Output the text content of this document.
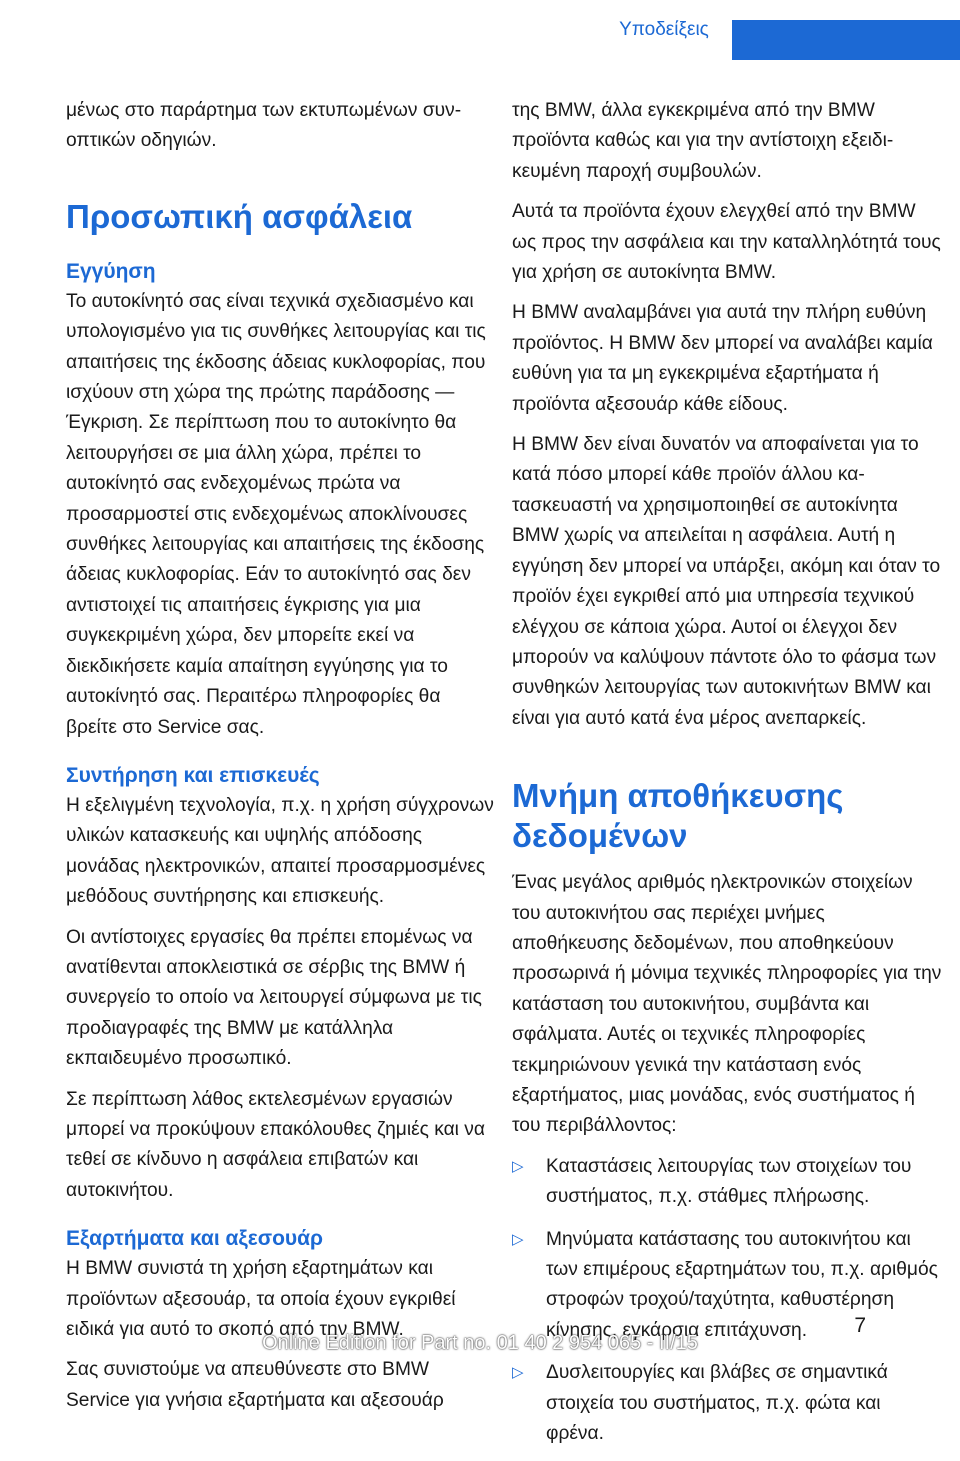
Υποδείξεις

μένως στο παράρτημα των εκτυπωμένων συνοπτικών οδηγιών.

Προσωπική ασφάλεια
Εγγύηση

Το αυτοκίνητό σας είναι τεχνικά σχεδιασμένο και υπολογισμένο για τις συνθήκες λειτουργίας και τις απαιτήσεις της έκδοσης άδειας κυκλοφορίας, που ισχύουν στη χώρα της πρώτης παράδοσης — Έγκριση. Σε περίπτωση που το αυτοκίνητο θα λειτουργήσει σε μια άλλη χώρα, πρέπει το αυτοκίνητό σας ενδεχομένως πρώτα να προσαρμοστεί στις ενδεχομένως αποκλίνουσες συνθήκες λειτουργίας και απαιτήσεις της έκδοσης άδειας κυκλοφορίας. Εάν το αυτοκίνητό σας δεν αντιστοιχεί τις απαιτήσεις έγκρισης για μια συγκεκριμένη χώρα, δεν μπορείτε εκεί να διεκδικήσετε καμία απαίτηση εγγύησης για το αυτοκίνητό σας. Περαιτέρω πληροφορίες θα βρείτε στο Service σας.

Συντήρηση και επισκευές

Η εξελιγμένη τεχνολογία, π.χ. η χρήση σύγχρονων υλικών κατασκευής και υψηλής απόδοσης μονάδας ηλεκτρονικών, απαιτεί προσαρμοσμένες μεθόδους συντήρησης και επισκευής.

Οι αντίστοιχες εργασίες θα πρέπει επομένως να ανατίθενται αποκλειστικά σε σέρβις της BMW ή συνεργείο το οποίο να λειτουργεί σύμφωνα με τις προδιαγραφές της BMW με κατάλληλα εκπαιδευμένο προσωπικό.

Σε περίπτωση λάθος εκτελεσμένων εργασιών μπορεί να προκύψουν επακόλουθες ζημιές και να τεθεί σε κίνδυνο η ασφάλεια επιβατών και αυτοκινήτου.

Εξαρτήματα και αξεσουάρ

Η BMW συνιστά τη χρήση εξαρτημάτων και προϊόντων αξεσουάρ, τα οποία έχουν εγκριθεί ειδικά για αυτό το σκοπό από την BMW.

Σας συνιστούμε να απευθύνεστε στο BMW Service για γνήσια εξαρτήματα και αξεσουάρ

της BMW, άλλα εγκεκριμένα από την BMW προϊόντα καθώς και για την αντίστοιχη εξειδικευμένη παροχή συμβουλών.

Αυτά τα προϊόντα έχουν ελεγχθεί από την BMW ως προς την ασφάλεια και την καταλληλότητά τους για χρήση σε αυτοκίνητα BMW.

Η BMW αναλαμβάνει για αυτά την πλήρη ευθύνη προϊόντος. Η BMW δεν μπορεί να αναλάβει καμία ευθύνη για τα μη εγκεκριμένα εξαρτήματα ή προϊόντα αξεσουάρ κάθε είδους.

Η BMW δεν είναι δυνατόν να αποφαίνεται για το κατά πόσο μπορεί κάθε προϊόν άλλου κατασκευαστή να χρησιμοποιηθεί σε αυτοκίνητα BMW χωρίς να απειλείται η ασφάλεια. Αυτή η εγγύηση δεν μπορεί να υπάρξει, ακόμη και όταν το προϊόν έχει εγκριθεί από μια υπηρεσία τεχνικού ελέγχου σε κάποια χώρα. Αυτοί οι έλεγχοι δεν μπορούν να καλύψουν πάντοτε όλο το φάσμα των συνθηκών λειτουργίας των αυτοκινήτων BMW και είναι για αυτό κατά ένα μέρος ανεπαρκείς.

Μνήμη αποθήκευσης δεδομένων

Ένας μεγάλος αριθμός ηλεκτρονικών στοιχείων του αυτοκινήτου σας περιέχει μνήμες αποθήκευσης δεδομένων, που αποθηκεύουν προσωρινά ή μόνιμα τεχνικές πληροφορίες για την κατάσταση του αυτοκινήτου, συμβάντα και σφάλματα. Αυτές οι τεχνικές πληροφορίες τεκμηριώνουν γενικά την κατάσταση ενός εξαρτήματος, μιας μονάδας, ενός συστήματος ή του περιβάλλοντος:

▷ Καταστάσεις λειτουργίας των στοιχείων του συστήματος, π.χ. στάθμες πλήρωσης.
▷ Μηνύματα κατάστασης του αυτοκινήτου και των επιμέρους εξαρτημάτων του, π.χ. αριθμός στροφών τροχού/ταχύτητα, καθυστέρηση κίνησης, εγκάρσια επιτάχυνση.
▷ Δυσλειτουργίες και βλάβες σε σημαντικά στοιχεία του συστήματος, π.χ. φώτα και φρένα.
7
Online Edition for Part no. 01 40 2 954 065 - II/15
